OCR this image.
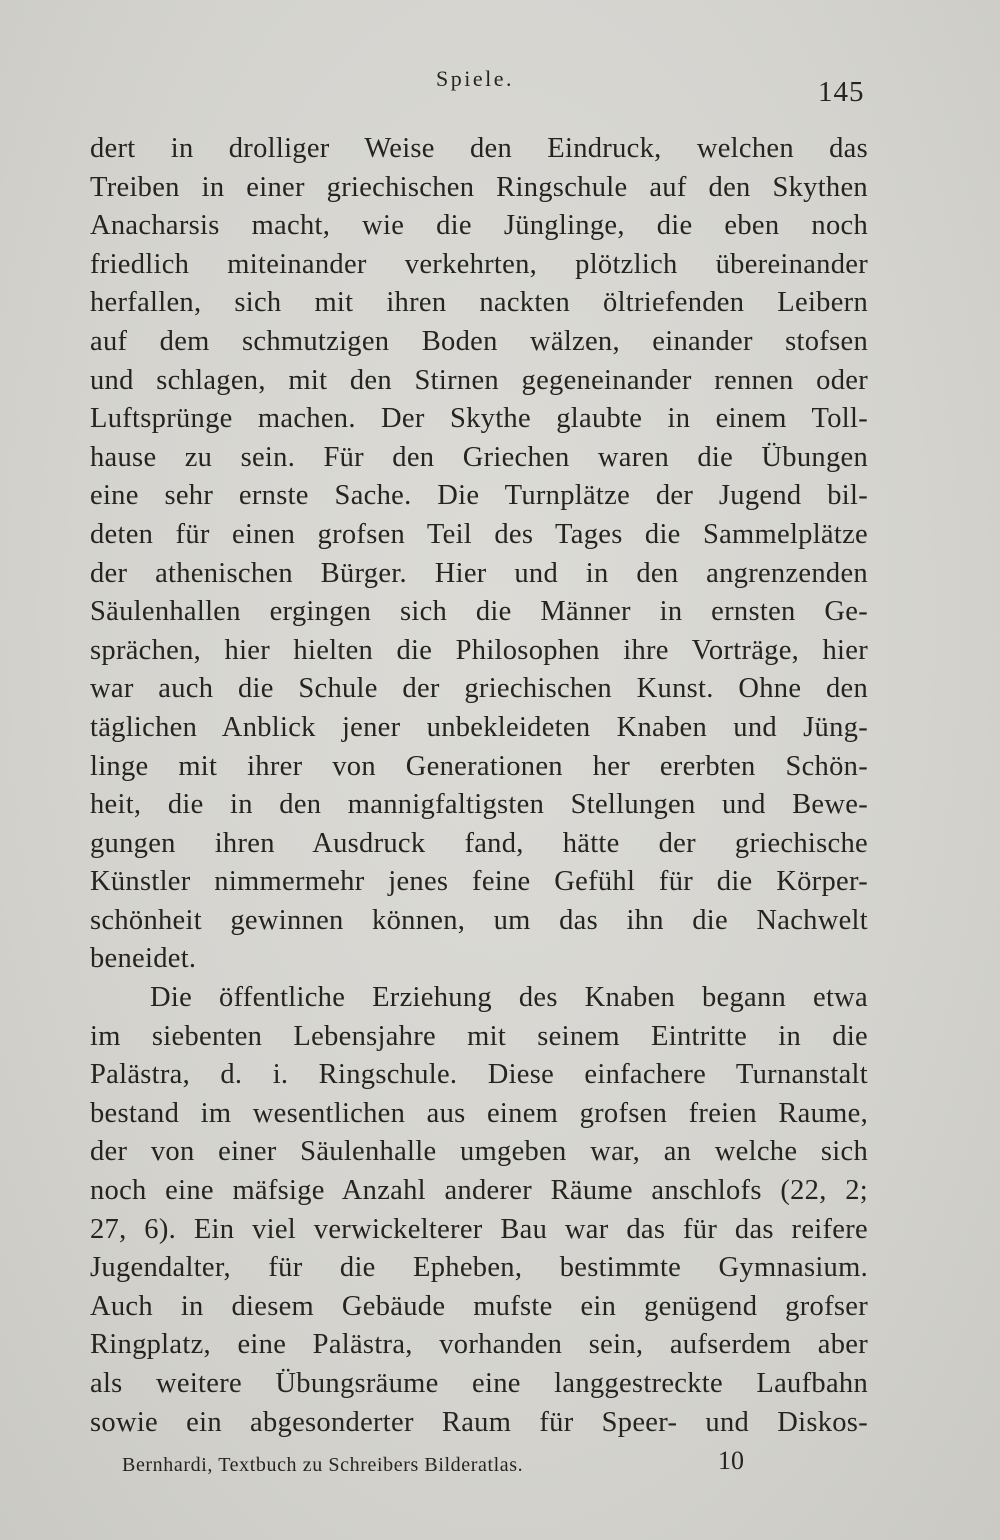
Spiele.	145
dert in drolliger Weise den Eindruck, welchen das
Treiben in einer griechischen Ringschule auf den Skythen
Anacharsis macht, wie die Jünglinge, die eben noch
friedlich miteinander verkehrten, plötzlich übereinander
herfallen, sich mit ihren nackten öltriefenden Leibern
auf dem schmutzigen Boden wälzen, einander stofsen
und schlagen, mit den Stirnen gegeneinander rennen oder
Luftsprünge machen. Der Skythe glaubte in einem Toll-
hause zu sein. Für den Griechen waren die Übungen
eine sehr ernste Sache. Die Turnplätze der Jugend bil-
deten für einen grofsen Teil des Tages die Sammelplätze
der athenischen Bürger. Hier und in den angrenzenden
Säulenhallen ergingen sich die Männer in ernsten Ge-
sprächen, hier hielten die Philosophen ihre Vorträge, hier
war auch die Schule der griechischen Kunst. Ohne den
täglichen Anblick jener unbekleideten Knaben und Jüng-
linge mit ihrer von Generationen her ererbten Schön-
heit, die in den mannigfaltigsten Stellungen und Bewe-
gungen ihren Ausdruck fand, hätte der griechische
Künstler nimmermehr jenes feine Gefühl für die Körper-
schönheit gewinnen können, um das ihn die Nachwelt
beneidet.
Die öffentliche Erziehung des Knaben begann etwa
im siebenten Lebensjahre mit seinem Eintritte in die
Palästra, d. i. Ringschule. Diese einfachere Turnanstalt
bestand im wesentlichen aus einem grofsen freien Raume,
der von einer Säulenhalle umgeben war, an welche sich
noch eine mäfsige Anzahl anderer Räume anschlofs (22, 2;
27, 6). Ein viel verwickelterer Bau war das für das reifere
Jugendalter, für die Epheben, bestimmte Gymnasium.
Auch in diesem Gebäude mufste ein genügend grofser
Ringplatz, eine Palästra, vorhanden sein, aufserdem aber
als weitere Übungsräume eine langgestreckte Laufbahn
sowie ein abgesonderter Raum für Speer- und Diskos-
Bernhardi, Textbuch zu Schreibers Bilderatlas.	10
